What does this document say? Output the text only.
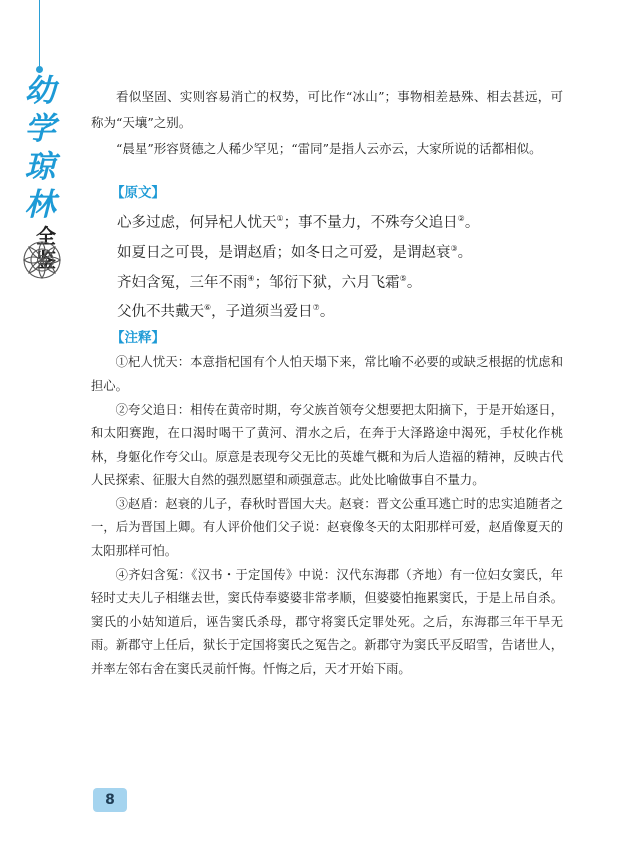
幼
学
琼
林
全
鉴

看似坚固、实则容易消亡的权势，可比作“冰山”；事物相差悬殊、相去甚远，可称为“天壤”之别。

“晨星”形容贤德之人稀少罕见；“雷同”是指人云亦云，大家所说的话都相似。

【原文】
心多过虑，何异杞人忧天①；事不量力，不殊夸父追日②。
如夏日之可畏，是谓赵盾；如冬日之可爱，是谓赵衰③。
齐妇含冤，三年不雨④；邹衍下狱，六月飞霜⑤。
父仇不共戴天⑥，子道须当爱日⑦。
【注释】

①杞人忧天：本意指杞国有个人怕天塌下来，常比喻不必要的或缺乏根据的忧虑和担心。

②夸父追日：相传在黄帝时期，夸父族首领夸父想要把太阳摘下，于是开始逐日，和太阳赛跑，在口渴时喝干了黄河、渭水之后，在奔于大泽路途中渴死，手杖化作桃林，身躯化作夸父山。原意是表现夸父无比的英雄气概和为后人造福的精神，反映古代人民探索、征服大自然的强烈愿望和顽强意志。此处比喻做事自不量力。

③赵盾：赵衰的儿子，春秋时晋国大夫。赵衰：晋文公重耳逃亡时的忠实追随者之一，后为晋国上卿。有人评价他们父子说：赵衰像冬天的太阳那样可爱，赵盾像夏天的太阳那样可怕。

④齐妇含冤：《汉书・于定国传》中说：汉代东海郡（齐地）有一位妇女窦氏，年轻时丈夫儿子相继去世，窦氏侍奉婆婆非常孝顺，但婆婆怕拖累窦氏，于是上吊自杀。窦氏的小姑知道后，诬告窦氏杀母，郡守将窦氏定罪处死。之后，东海郡三年干旱无雨。新郡守上任后，狱长于定国将窦氏之冤告之。新郡守为窦氏平反昭雪，告诸世人，并率左邻右舍在窦氏灵前忏悔。忏悔之后，天才开始下雨。

8
